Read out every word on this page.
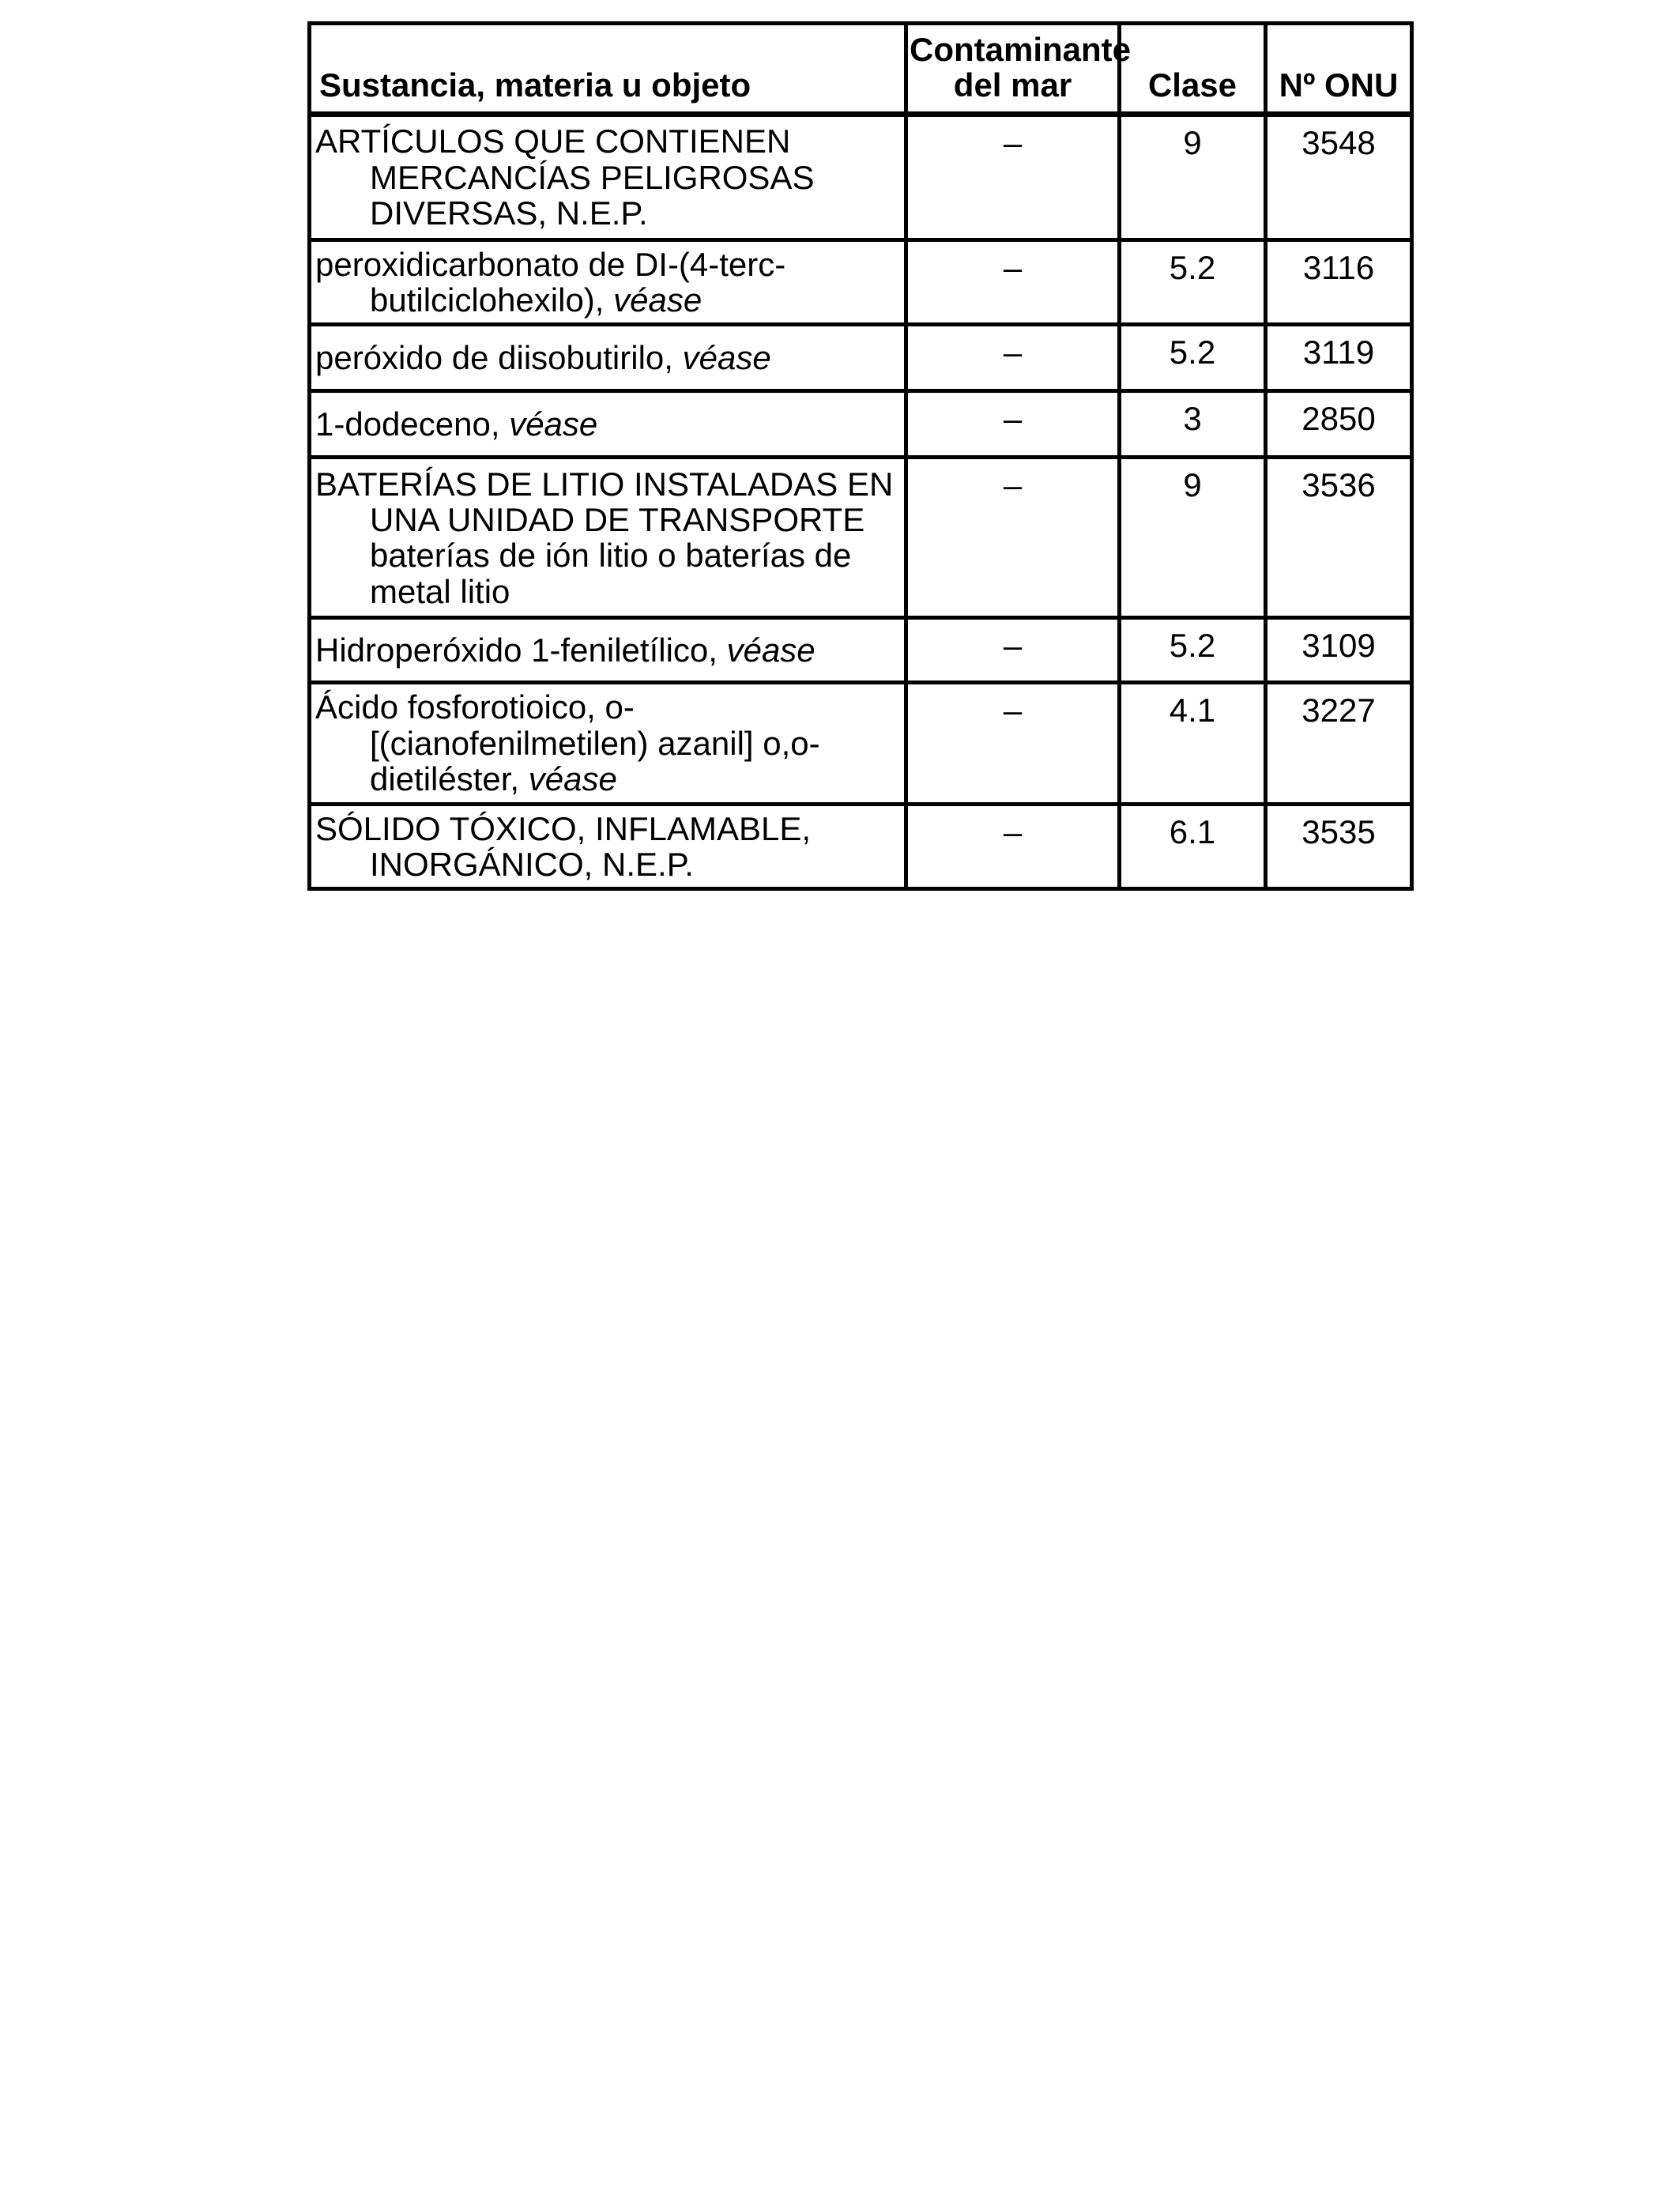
Sustancia, materia u objeto	Contaminante del mar	Clase	Nº ONU
ARTÍCULOS QUE CONTIENEN MERCANCÍAS PELIGROSAS DIVERSAS, N.E.P.	–	9	3548
peroxidicarbonato de DI-(4-terc-butilciclohexilo), véase	–	5.2	3116
peróxido de diisobutirilo, véase	–	5.2	3119
1-dodeceno, véase	–	3	2850
BATERÍAS DE LITIO INSTALADAS EN UNA UNIDAD DE TRANSPORTE baterías de ión litio o baterías de metal litio	–	9	3536
Hidroperóxido 1-feniletílico, véase	–	5.2	3109
Ácido fosforotioico, o-[(cianofenilmetilen) azanil] o,o-dietiléster, véase	–	4.1	3227
SÓLIDO TÓXICO, INFLAMABLE, INORGÁNICO, N.E.P.	–	6.1	3535
